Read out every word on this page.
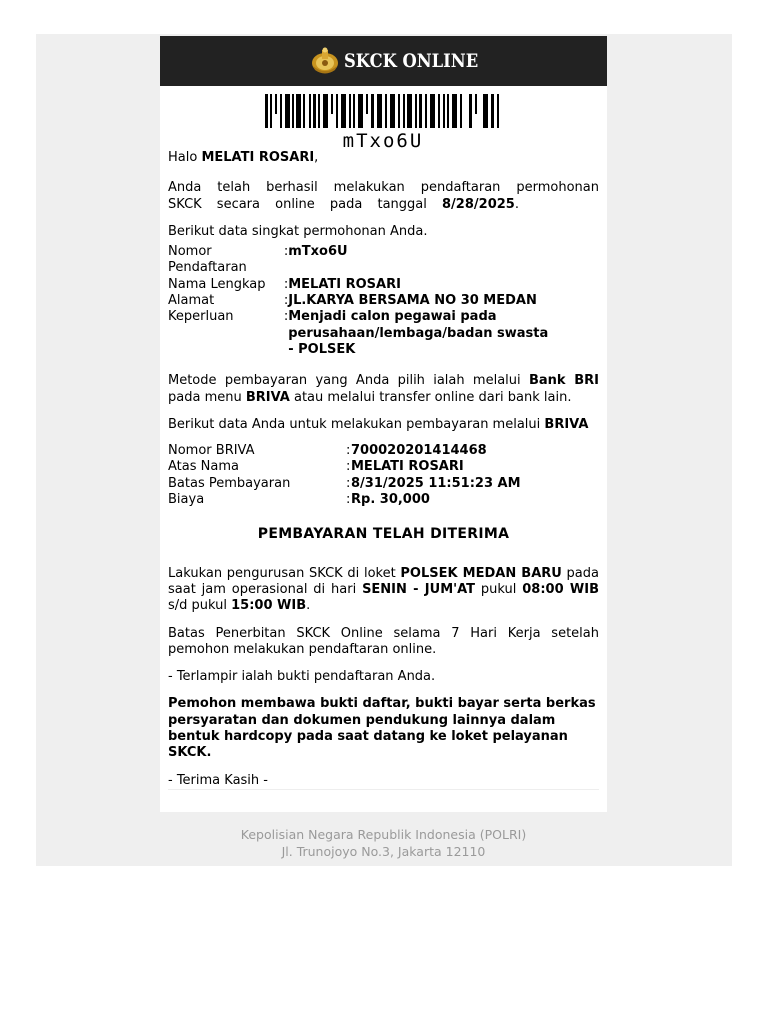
SKCK ONLINE
mTxo6U

Halo MELATI ROSARI,

Anda telah berhasil melakukan pendaftaran permohonan SKCK secara online pada tanggal 8/28/2025.

Berikut data singkat permohonan Anda.

Nomor Pendaftaran	:	mTxo6U
Nama Lengkap	:	MELATI ROSARI
Alamat	:	JL.KARYA BERSAMA NO 30 MEDAN
Keperluan	:	Menjadi calon pegawai pada perusahaan/lembaga/badan swasta - POLSEK

Metode pembayaran yang Anda pilih ialah melalui Bank BRI pada menu BRIVA atau melalui transfer online dari bank lain.

Berikut data Anda untuk melakukan pembayaran melalui BRIVA

Nomor BRIVA	:	700020201414468
Atas Nama	:	MELATI ROSARI
Batas Pembayaran	:	8/31/2025 11:51:23 AM
Biaya	:	Rp. 30,000

PEMBAYARAN TELAH DITERIMA

Lakukan pengurusan SKCK di loket POLSEK MEDAN BARU pada saat jam operasional di hari SENIN - JUM'AT pukul 08:00 WIB s/d pukul 15:00 WIB.

Batas Penerbitan SKCK Online selama 7 Hari Kerja setelah pemohon melakukan pendaftaran online.

- Terlampir ialah bukti pendaftaran Anda.

Pemohon membawa bukti daftar, bukti bayar serta berkas persyaratan dan dokumen pendukung lainnya dalam bentuk hardcopy pada saat datang ke loket pelayanan SKCK.

- Terima Kasih -

Kepolisian Negara Republik Indonesia (POLRI)
Jl. Trunojoyo No.3, Jakarta 12110
